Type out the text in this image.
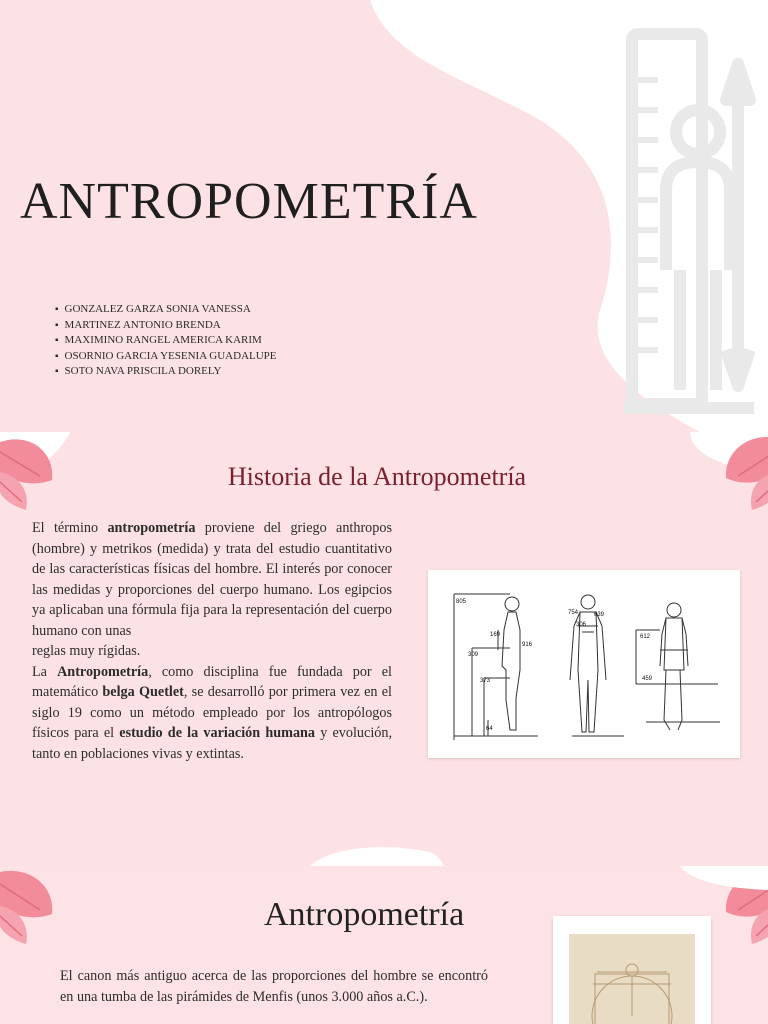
ANTROPOMETRÍA
▪ GONZALEZ GARZA SONIA VANESSA
▪ MARTINEZ ANTONIO BRENDA
▪ MAXIMINO RANGEL AMERICA KARIM
▪ OSORNIO GARCIA YESENIA GUADALUPE
▪ SOTO NAVA PRISCILA DORELY
Historia de la Antropometría
El término antropometría proviene del griego anthropos (hombre) y metrikos (medida) y trata del estudio cuantitativo de las características físicas del hombre. El interés por conocer las medidas y proporciones del cuerpo humano. Los egipcios ya aplicaban una fórmula fija para la representación del cuerpo humano con unas
reglas muy rígidas.
La Antropometría, como disciplina fue fundada por el matemático belga Quetlet, se desarrolló por primera vez en el siglo 19 como un método empleado por los antropólogos físicos para el estudio de la variación humana y evolución, tanto en poblaciones vivas y extintas.
805
169
916
309
373
64
754	639
306
612
459
Antropometría

El canon más antiguo acerca de las proporciones del hombre se encontró en una tumba de las pirámides de Menfis (unos 3.000 años a.C.).
